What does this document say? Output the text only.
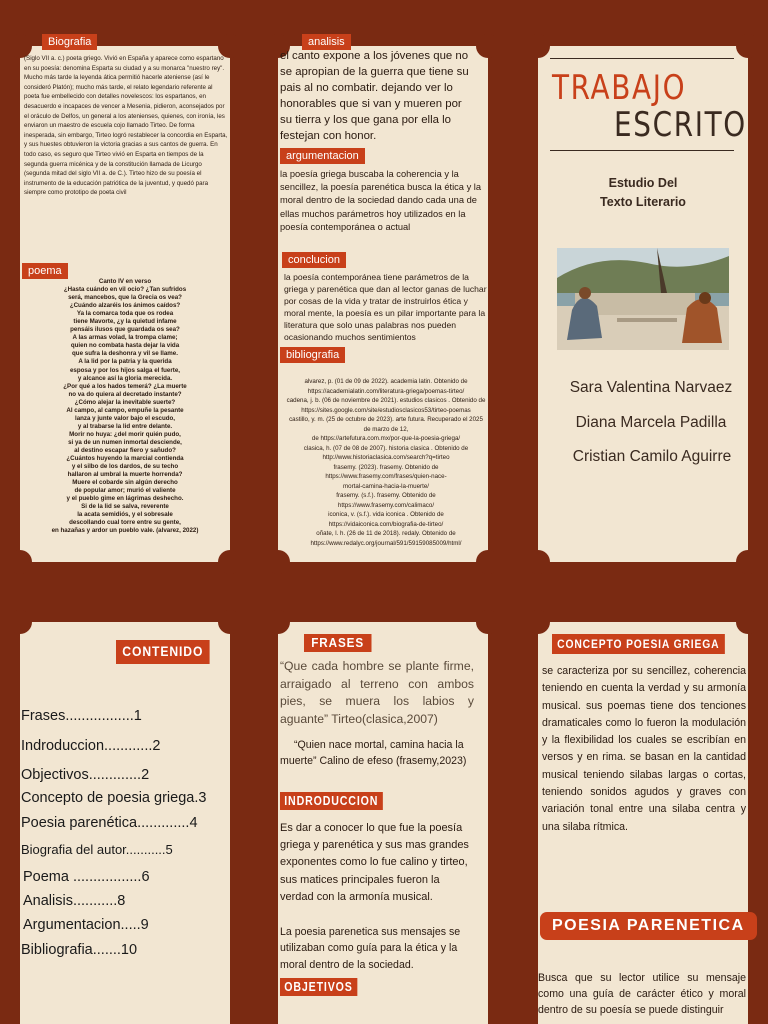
Biografia
(Siglo VII a. c.) poeta griego. Vivió en España y aparece como espartano en su poesía: denomina Esparta su ciudad y a su monarca "nuestro rey". Mucho más tarde la leyenda ática permitió hacerle ateniense (así le consideró Platón); mucho más tarde, el relato legendario referente al poeta fue embellecido con detalles novelescos: los espartanos, en desacuerdo e incapaces de vencer a Mesenia, pidieron, aconsejados por el oráculo de Delfos, un general a los atenienses, quienes, con ironía, les enviaron un maestro de escuela cojo llamado Tirteo. De forma inesperada, sin embargo, Tirteo logró restablecer la concordia en Esparta, y sus huestes obtuvieron la victoria gracias a sus cantos de guerra. En todo caso, es seguro que Tirteo vivió en Esparta en tiempos de la segunda guerra micénica y de la constitución llamada de Licurgo (segunda mitad del siglo VII a. de C.). Tirteo hizo de su poesía el instrumento de la educación patriótica de la juventud, y quedó para siempre como prototipo de poeta civil
poema
Canto IV en verso
¿Hasta cuándo en vil ocio? ¿Tan sufridos
será, mancebos, que la Grecia os vea?
¿Cuándo alzaréis los ánimos caídos?
Ya la comarca toda que os rodea
tiene Mavorte, ¿y la quietud infame
pensáis ilusos que guardada os sea?
A las armas volad, la trompa clame;
quien no combata hasta dejar la vida
que sufra la deshonra y vil se llame.
A la lid por la patria y la querida
esposa y por los hijos salga el fuerte,
y alcance así la gloria merecida.
¿Por qué a los hados temerá? ¿La muerte
no va do quiera al decretado instante?
¿Cómo alejar la inevitable suerte?
Al campo, al campo, empuñe la pesante
lanza y junte valor bajo el escudo,
y al trabarse la lid entre delante.
Morir no huya: ¿del morir quién pudo,
si ya de un numen inmortal desciende,
al destino escapar fiero y sañudo?
¿Cuántos huyendo la marcial contienda
y el silbo de los dardos, de su techo
hallaron al umbral la muerte horrenda?
Muere el cobarde sin algún derecho
de popular amor; murió el valiente
y el pueblo gime en lágrimas deshecho.
Si de la lid se salva, reverente
la acata semidiós, y el sobresale
descollando cual torre entre su gente,
en hazañas y ardor un pueblo vale. (alvarez, 2022)
analisis
el canto expone a los jóvenes que no se apropian de la guerra que tiene su pais al no combatir. dejando ver lo honorables que si van y mueren por su tierra y los que gana por ella lo festejan con honor.
argumentacion
la poesía griega buscaba la coherencia y la sencillez, la poesía parenética busca la ética y la moral dentro de la sociedad dando cada una de ellas muchos parámetros hoy utilizados en la poesía contemporánea o actual
conclucion
la poesía contemporánea tiene parámetros de la griega y parenética que dan al lector ganas de luchar por cosas de la vida y tratar de instruirlos ética y moral mente, la poesía es un pilar importante para la literatura que solo unas palabras nos pueden ocasionando muchos sentimientos
bibliografia
alvarez, p. (01 de 09 de 2022). academia latin. Obtenido de
https://academialatin.com/literatura-griega/poemas-tirteo/
cadena, j. b. (06 de noviembre de 2021). estudios clasicos . Obtenido de
https://sites.google.com/site/estudiosclasicos53/tirteo-poemas
castillo, y. m. (25 de octubre de 2023). arte futura. Recuperado el 2025 de marzo de 12,
de https://artefutura.com.mx/por-que-la-poesia-griega/
clasica, h. (07 de 08 de 2007). historia clasica . Obtenido de
http://www.historiaclasica.com/search?q=tirteo
frasemy. (2023). frasemy. Obtenido de
https://www.frasemy.com/frases/quien-nace-
mortal-camina-hacia-la-muerte/
frasemy. (s.f.). frasemy. Obtenido de
https://www.frasemy.com/calimaco/
iconica, v. (s.f.). vida iconica . Obtenido de
https://vidaiconica.com/biografia-de-tirteo/
oñate, l. h. (26 de 11 de 2018). redaly. Obtenido de
https://www.redalyc.org/journal/591/59159085009/html/
TRABAJO
ESCRITO
Estudio Del Texto Literario
Sara Valentina Narvaez
Diana Marcela Padilla
Cristian Camilo Aguirre
CONTENIDO
Frases.................1
Indroduccion............2
Objectivos.............2
Concepto de poesia griega.3
Poesia parenética.............4
Biografia del autor...........5
Poema .................6
Analisis...........8
Argumentacion.....9
Bibliografia.......10
FRASES
“Que cada hombre se plante firme, arraigado al terreno con ambos pies, se muera los labios y aguante” Tirteo(clasica,2007)
“Quien nace mortal, camina hacia la muerte” Calino de efeso (frasemy,2023)
INDRODUCCION
Es dar a conocer lo que fue la poesía griega y parenética y sus mas grandes exponentes como lo fue calino y tirteo, sus matices principales fueron la verdad con la armonía musical.
La poesia parenetica sus mensajes se utilizaban como guía para la ética y la moral dentro de la sociedad.
OBJETIVOS
CONCEPTO POESIA GRIEGA
se caracteriza por su sencillez, coherencia teniendo en cuenta la verdad y su armonía musical. sus poemas tiene dos tenciones dramaticales como lo fueron la modulación y la flexibilidad los cuales se escribían en versos y en rima. se basan en la cantidad musical teniendo silabas largas o cortas, teniendo sonidos agudos y graves con variación tonal entre una silaba centra y una silaba rítmica.
POESIA PARENETICA
Busca que su lector utilice su mensaje como una guía de carácter ético y moral dentro de su poesía se puede distinguir
